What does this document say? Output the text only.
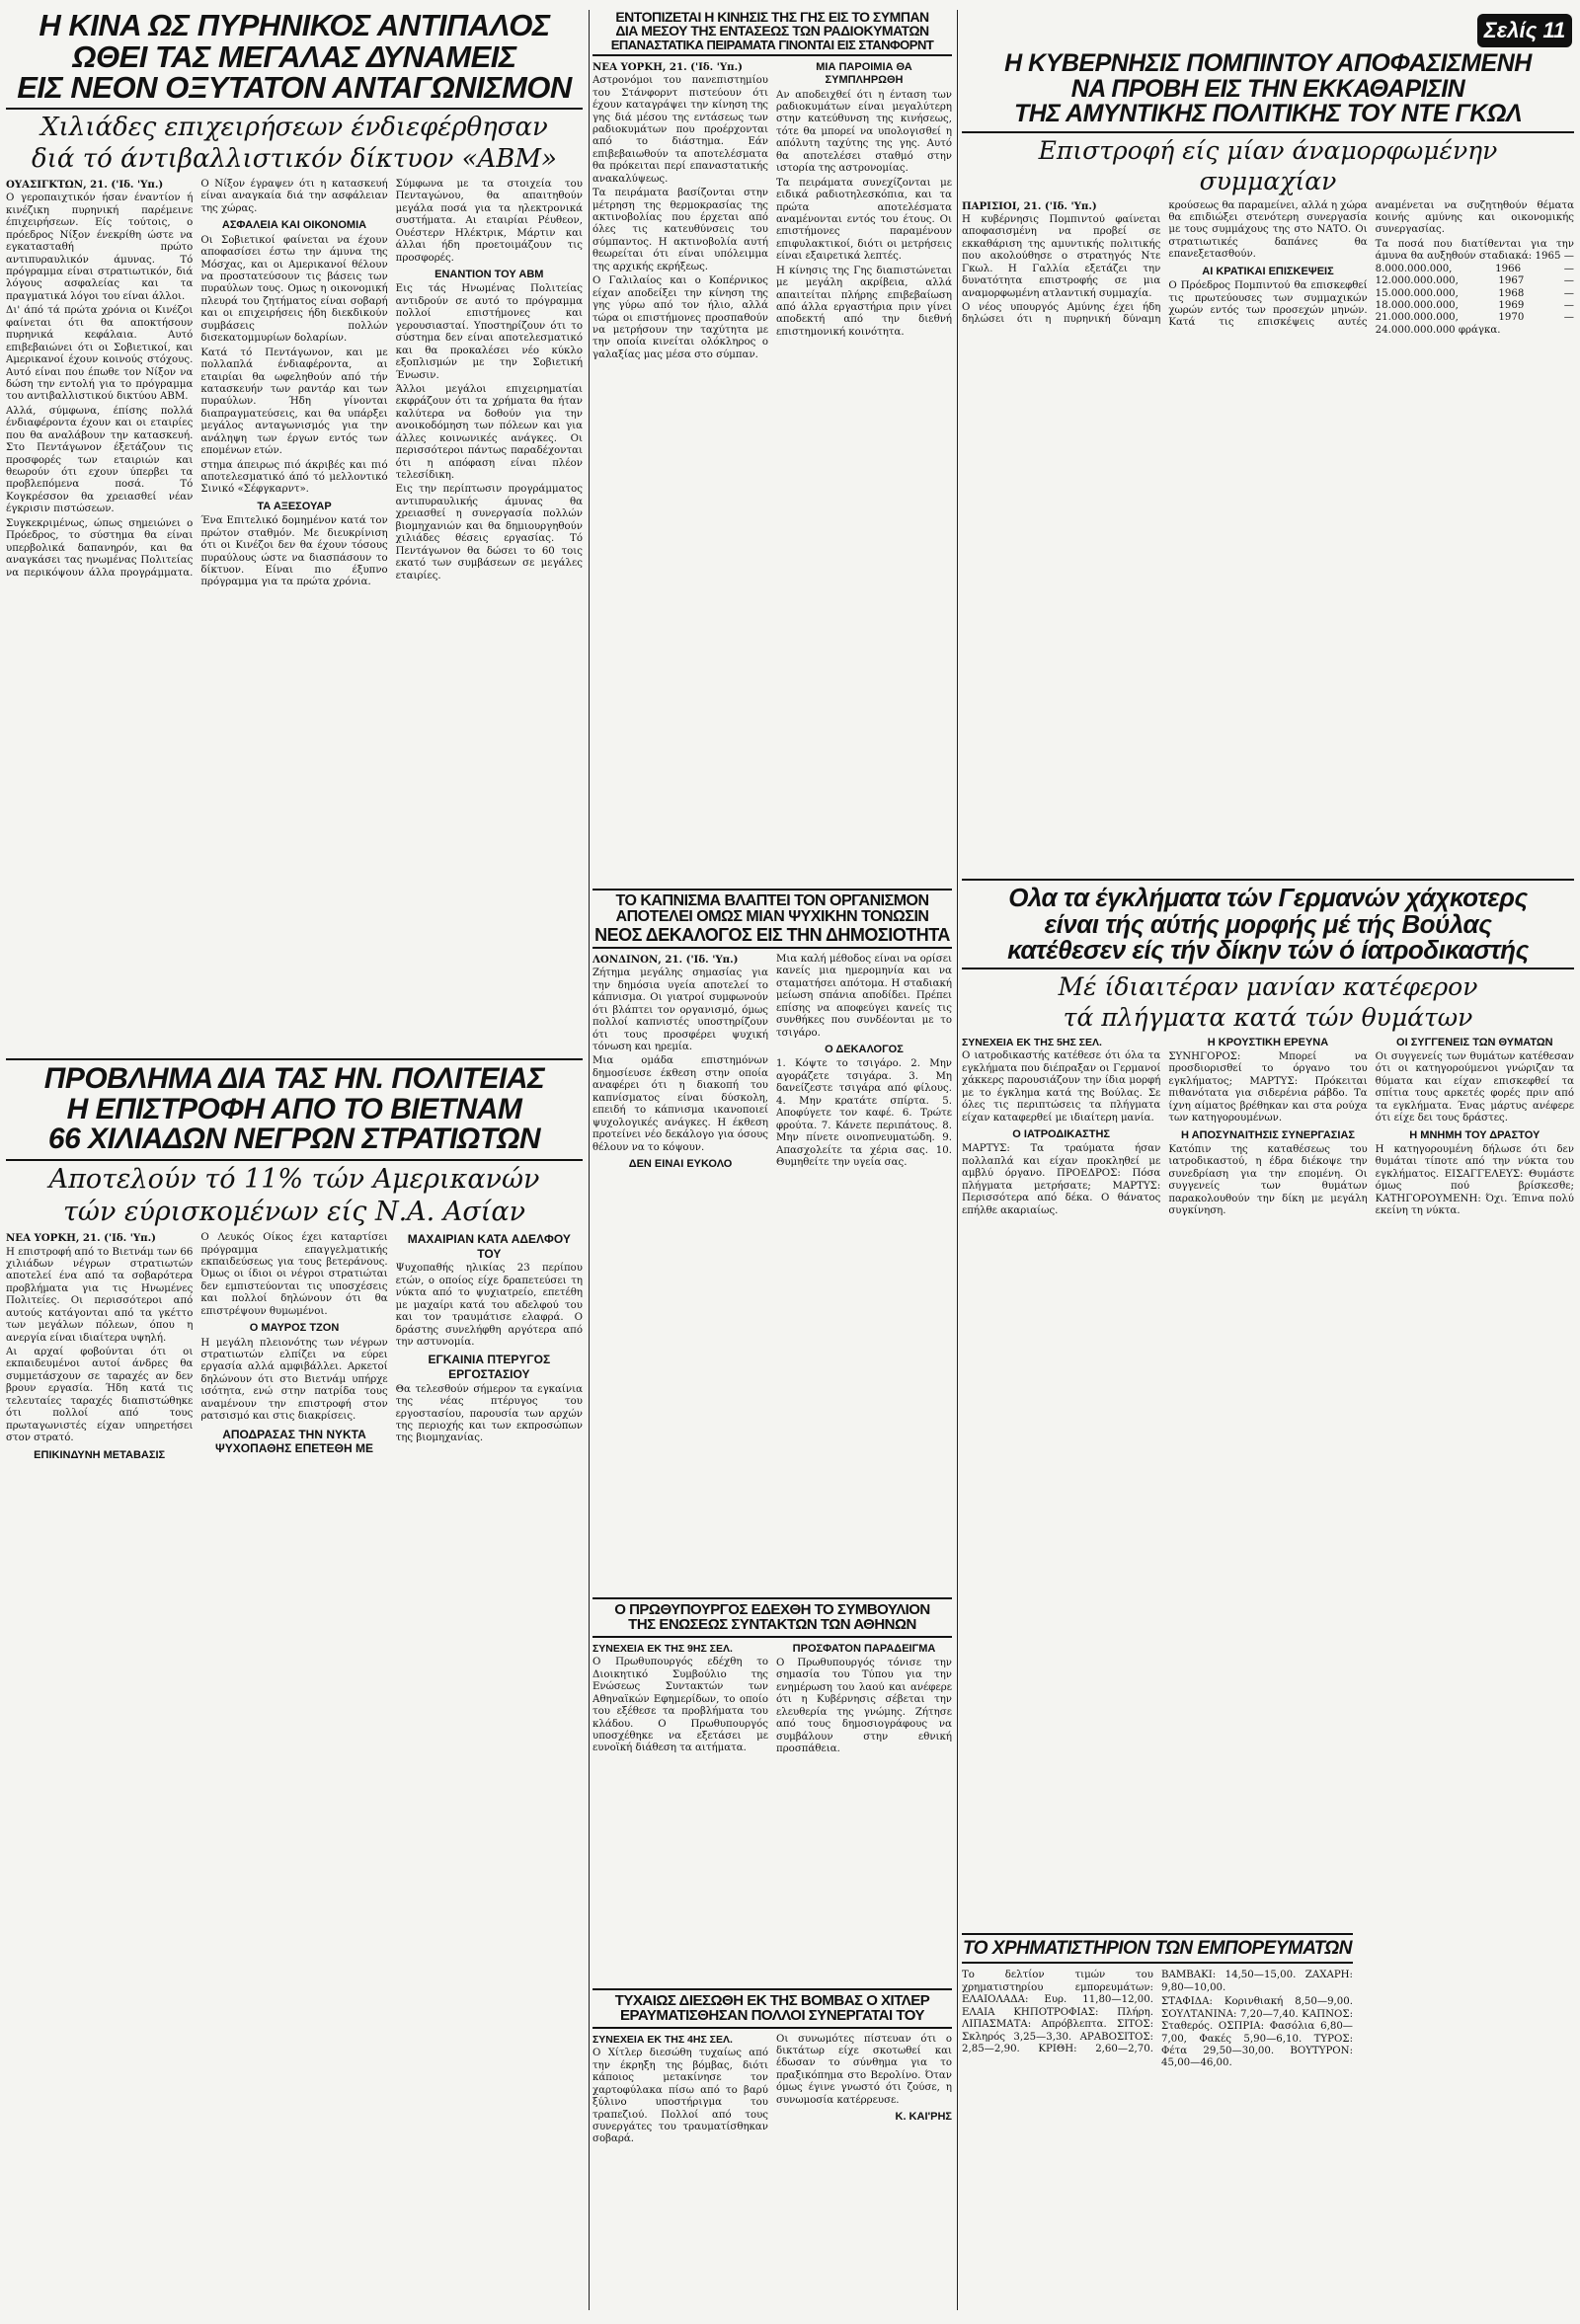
Σελίς 11
Η ΚΙΝΑ ΩΣ ΠΥΡΗΝΙΚΟΣ ΑΝΤΙΠΑΛΟΣ
ΩΘΕΙ ΤΑΣ ΜΕΓΑΛΑΣ ΔΥΝΑΜΕΙΣ
ΕΙΣ ΝΕΟΝ ΟΞΥΤΑΤΟΝ ΑΝΤΑΓΩΝΙΣΜΟΝ
Χιλιάδες επιχειρήσεων ένδιεφέρθησαν
διά τό άντιβαλλιστικόν δίκτυον «ΑΒΜ»

ΟΥΑΣΙΓΚΤΩΝ, 21. ('Ιδ. 'Υπ.)

Ο γεροπαιχτικόν ήσαν έναντίον ή κινέζικη πυρηνική παρέμεινε έπιχειρήσεων. Είς τούτοις, ο πρόεδρος Νίξον ένεκρίθη ώστε να εγκατασταθή πρώτο αντιπυραυλικόν άμυνας. Τό πρόγραμμα είναι στρατιωτικόν, διά λόγους ασφαλείας και τα πραγματικά λόγοι του είναι άλλοι.

Δι' άπό τά πρώτα χρόνια οι Κινέζοι φαίνεται ότι θα αποκτήσουν πυρηνικά κεφάλαια. Αυτό επιβεβαιώνει ότι οι Σοβιετικοί, και Αμερικανοί έχουν κοινούς στόχους. Αυτό είναι που έπωθε τον Νίξον να δώση την εντολή για το πρόγραμμα του αντιβαλλιστικού δικτύου ΑΒΜ.

Αλλά, σύμφωνα, έπίσης πολλά ένδιαφέροντα έχουν και οι εταιρίες που θα αναλάβουν την κατασκευή. Στο Πεντάγωνον έξετάζουν τις προσφορές των εταιριών και θεωρούν ότι εχουν ύπερβει τα προβλεπόμενα ποσά. Τό Κογκρέσσον θα χρειασθεί νέαν έγκρισιν πιστώσεων.

Συγκεκριμένως, ώπως σημειώνει ο Πρόεδρος, το σύστημα θα είναι υπερβολικά δαπανηρόν, και θα αναγκάσει τας ηνωμένας Πολιτείας να περικόψουν άλλα προγράμματα. Ο Νίξον έγραψεν ότι η κατασκευή είναι αναγκαία διά την ασφάλειαν της χώρας.

ΑΣΦΑΛΕΙΑ ΚΑΙ ΟΙΚΟΝΟΜΙΑ

Οι Σοβιετικοί φαίνεται να έχουν αποφασίσει έστω την άμυνα της Μόσχας, και οι Αμερικανοί θέλουν να προστατεύσουν τις βάσεις των πυραύλων τους. Ομως η οικονομική πλευρά του ζητήματος είναι σοβαρή και οι επιχειρήσεις ήδη διεκδικούν συμβάσεις πολλών δισεκατομμυρίων δολαρίων.

Κατά τό Πεντάγωνον, και με πολλαπλά ένδιαφέροντα, αι εταιρίαι θα ωφεληθούν από τήν κατασκευήν των ραντάρ και των πυραύλων. Ήδη γίνονται διαπραγματεύσεις, και θα υπάρξει μεγάλος ανταγωνισμός για την ανάληψη των έργων εντός των επομένων ετών.

στημα άπειρως πιό άκριβές και πιό αποτελεσματικό άπό τό μελλοντικό Σινικό «Σέφγκαρντ».

ΤΑ ΑΞΕΣΟΥΑΡ

Ένα Επιτελικό δομημένον κατά τον πρώτον σταθμόν. Με διευκρίνιση ότι οι Κινέζοι δεν θα έχουν τόσους πυραύλους ώστε να διασπάσουν το δίκτυον. Είναι πιο έξυπνο πρόγραμμα για τα πρώτα χρόνια.

Σύμφωνα με τα στοιχεία του Πενταγώνου, θα απαιτηθούν μεγάλα ποσά για τα ηλεκτρονικά συστήματα. Αι εταιρίαι Ρέυθεον, Ουέστερν Ηλέκτρικ, Μάρτιν και άλλαι ήδη προετοιμάζουν τις προσφορές.

ΕΝΑΝΤΙΟΝ ΤΟΥ ΑΒΜ

Εις τάς Ηνωμένας Πολιτείας αντιδρούν σε αυτό το πρόγραμμα πολλοί επιστήμονες και γερουσιασταί. Υποστηρίζουν ότι το σύστημα δεν είναι αποτελεσματικό και θα προκαλέσει νέο κύκλο εξοπλισμών με την Σοβιετική Ένωσιν.

Άλλοι μεγάλοι επιχειρηματίαι εκφράζουν ότι τα χρήματα θα ήταν καλύτερα να δοθούν για την ανοικοδόμηση των πόλεων και για άλλες κοινωνικές ανάγκες. Οι περισσότεροι πάντως παραδέχονται ότι η απόφαση είναι πλέον τελεσίδικη.

Εις την περίπτωσιν προγράμματος αντιπυραυλικής άμυνας θα χρειασθεί η συνεργασία πολλών βιομηχανιών και θα δημιουργηθούν χιλιάδες θέσεις εργασίας. Τό Πεντάγωνον θα δώσει το 60 τοις εκατό των συμβάσεων σε μεγάλες εταιρίες.

ΠΡΟΒΛΗΜΑ ΔΙΑ ΤΑΣ ΗΝ. ΠΟΛΙΤΕΙΑΣ
Η ΕΠΙΣΤΡΟΦΗ ΑΠΟ ΤΟ ΒΙΕΤΝΑΜ
66 ΧΙΛΙΑΔΩΝ ΝΕΓΡΩΝ ΣΤΡΑΤΙΩΤΩΝ
Αποτελούν τό 11% τών Αμερικανών
τών εύρισκομένων είς Ν.Α. Ασίαν

ΝΕΑ ΥΟΡΚΗ, 21. ('Ιδ. 'Υπ.)

Η επιστροφή από το Βιετνάμ των 66 χιλιάδων νέγρων στρατιωτών αποτελεί ένα από τα σοβαρότερα προβλήματα για τις Ηνωμένες Πολιτείες. Οι περισσότεροι από αυτούς κατάγονται από τα γκέττο των μεγάλων πόλεων, όπου η ανεργία είναι ιδιαίτερα υψηλή.

Αι αρχαί φοβούνται ότι οι εκπαιδευμένοι αυτοί άνδρες θα συμμετάσχουν σε ταραχές αν δεν βρουν εργασία. Ήδη κατά τις τελευταίες ταραχές διαπιστώθηκε ότι πολλοί από τους πρωταγωνιστές είχαν υπηρετήσει στον στρατό.

ΕΠΙΚΙΝΔΥΝΗ ΜΕΤΑΒΑΣΙΣ

Ο Λευκός Οίκος έχει καταρτίσει πρόγραμμα επαγγελματικής εκπαιδεύσεως για τους βετεράνους. Όμως οι ίδιοι οι νέγροι στρατιώται δεν εμπιστεύονται τις υποσχέσεις και πολλοί δηλώνουν ότι θα επιστρέψουν θυμωμένοι.

Ο ΜΑΥΡΟΣ ΤΖΟΝ

Η μεγάλη πλειονότης των νέγρων στρατιωτών ελπίζει να εύρει εργασία αλλά αμφιβάλλει. Αρκετοί δηλώνουν ότι στο Βιετνάμ υπήρχε ισότητα, ενώ στην πατρίδα τους αναμένουν την επιστροφή στον ρατσισμό και στις διακρίσεις.

ΑΠΟΔΡΑΣΑΣ ΤΗΝ ΝΥΚΤΑ ΨΥΧΟΠΑΘΗΣ ΕΠΕΤΕΘΗ ΜΕ ΜΑΧΑΙΡΙΑΝ ΚΑΤΑ ΑΔΕΛΦΟΥ ΤΟΥ

Ψυχοπαθής ηλικίας 23 περίπου ετών, ο οποίος είχε δραπετεύσει τη νύκτα από το ψυχιατρείο, επετέθη με μαχαίρι κατά του αδελφού του και τον τραυμάτισε ελαφρά. Ο δράστης συνελήφθη αργότερα από την αστυνομία.

ΕΓΚΑΙΝΙΑ ΠΤΕΡΥΓΟΣ ΕΡΓΟΣΤΑΣΙΟΥ

Θα τελεσθούν σήμερον τα εγκαίνια της νέας πτέρυγος του εργοστασίου, παρουσία των αρχών της περιοχής και των εκπροσώπων της βιομηχανίας.

ΕΝΤΟΠΙΖΕΤΑΙ Η ΚΙΝΗΣΙΣ ΤΗΣ ΓΗΣ ΕΙΣ ΤΟ ΣΥΜΠΑΝ
ΔΙΑ ΜΕΣΟΥ ΤΗΣ ΕΝΤΑΣΕΩΣ ΤΩΝ ΡΑΔΙΟΚΥΜΑΤΩΝ
ΕΠΑΝΑΣΤΑΤΙΚΑ ΠΕΙΡΑΜΑΤΑ ΓΙΝΟΝΤΑΙ ΕΙΣ ΣΤΑΝΦΟΡΝΤ

ΝΕΑ ΥΟΡΚΗ, 21. ('Ιδ. 'Υπ.)

Αστρονόμοι του πανεπιστημίου του Στάνφορντ πιστεύουν ότι έχουν καταγράψει την κίνηση της γης διά μέσου της εντάσεως των ραδιοκυμάτων που προέρχονται από το διάστημα. Εάν επιβεβαιωθούν τα αποτελέσματα θα πρόκειται περί επαναστατικής ανακαλύψεως.

Τα πειράματα βασίζονται στην μέτρηση της θερμοκρασίας της ακτινοβολίας που έρχεται από όλες τις κατευθύνσεις του σύμπαντος. Η ακτινοβολία αυτή θεωρείται ότι είναι υπόλειμμα της αρχικής εκρήξεως.

Ο Γαλιλαίος και ο Κοπέρνικος είχαν αποδείξει την κίνηση της γης γύρω από τον ήλιο, αλλά τώρα οι επιστήμονες προσπαθούν να μετρήσουν την ταχύτητα με την οποία κινείται ολόκληρος ο γαλαξίας μας μέσα στο σύμπαν.

ΜΙΑ ΠΑΡΟΙΜΙΑ ΘΑ ΣΥΜΠΛΗΡΩΘΗ

Αν αποδειχθεί ότι η ένταση των ραδιοκυμάτων είναι μεγαλύτερη στην κατεύθυνση της κινήσεως, τότε θα μπορεί να υπολογισθεί η απόλυτη ταχύτης της γης. Αυτό θα αποτελέσει σταθμό στην ιστορία της αστρονομίας.

Τα πειράματα συνεχίζονται με ειδικά ραδιοτηλεσκόπια, και τα πρώτα αποτελέσματα αναμένονται εντός του έτους. Οι επιστήμονες παραμένουν επιφυλακτικοί, διότι οι μετρήσεις είναι εξαιρετικά λεπτές.

Η κίνησις της Γης διαπιστώνεται με μεγάλη ακρίβεια, αλλά απαιτείται πλήρης επιβεβαίωση από άλλα εργαστήρια πριν γίνει αποδεκτή από την διεθνή επιστημονική κοινότητα.

ΤΟ ΚΑΠΝΙΣΜΑ ΒΛΑΠΤΕΙ ΤΟΝ ΟΡΓΑΝΙΣΜΟΝ
ΑΠΟΤΕΛΕΙ ΟΜΩΣ ΜΙΑΝ ΨΥΧΙΚΗΝ ΤΟΝΩΣΙΝ
ΝΕΟΣ ΔΕΚΑΛΟΓΟΣ ΕΙΣ ΤΗΝ ΔΗΜΟΣΙΟΤΗΤΑ

ΛΟΝΔΙΝΟΝ, 21. ('Ιδ. 'Υπ.)

Ζήτημα μεγάλης σημασίας για την δημόσια υγεία αποτελεί το κάπνισμα. Οι γιατροί συμφωνούν ότι βλάπτει τον οργανισμό, όμως πολλοί καπνιστές υποστηρίζουν ότι τους προσφέρει ψυχική τόνωση και ηρεμία.

Μια ομάδα επιστημόνων δημοσίευσε έκθεση στην οποία αναφέρει ότι η διακοπή του καπνίσματος είναι δύσκολη, επειδή το κάπνισμα ικανοποιεί ψυχολογικές ανάγκες. Η έκθεση προτείνει νέο δεκάλογο για όσους θέλουν να το κόψουν.

ΔΕΝ ΕΙΝΑΙ ΕΥΚΟΛΟ

Μια καλή μέθοδος είναι να ορίσει κανείς μια ημερομηνία και να σταματήσει απότομα. Η σταδιακή μείωση σπάνια αποδίδει. Πρέπει επίσης να αποφεύγει κανείς τις συνθήκες που συνδέονται με το τσιγάρο.

Ο ΔΕΚΑΛΟΓΟΣ

1. Κόψτε το τσιγάρο. 2. Μην αγοράζετε τσιγάρα. 3. Μη δανείζεστε τσιγάρα από φίλους. 4. Μην κρατάτε σπίρτα. 5. Αποφύγετε τον καφέ. 6. Τρώτε φρούτα. 7. Κάνετε περιπάτους. 8. Μην πίνετε οινοπνευματώδη. 9. Απασχολείτε τα χέρια σας. 10. Θυμηθείτε την υγεία σας.

Ο ΠΡΩΘΥΠΟΥΡΓΟΣ ΕΔΕΧΘΗ ΤΟ ΣΥΜΒΟΥΛΙΟΝ
ΤΗΣ ΕΝΩΣΕΩΣ ΣΥΝΤΑΚΤΩΝ ΤΩΝ ΑΘΗΝΩΝ

ΣΥΝΕΧΕΙΑ ΕΚ ΤΗΣ 9ΗΣ ΣΕΛ.

Ο Πρωθυπουργός εδέχθη το Διοικητικό Συμβούλιο της Ενώσεως Συντακτών των Αθηναϊκών Εφημερίδων, το οποίο του εξέθεσε τα προβλήματα του κλάδου. Ο Πρωθυπουργός υποσχέθηκε να εξετάσει με ευνοϊκή διάθεση τα αιτήματα.

ΠΡΟΣΦΑΤΟΝ ΠΑΡΑΔΕΙΓΜΑ

Ο Πρωθυπουργός τόνισε την σημασία του Τύπου για την ενημέρωση του λαού και ανέφερε ότι η Κυβέρνησις σέβεται την ελευθερία της γνώμης. Ζήτησε από τους δημοσιογράφους να συμβάλουν στην εθνική προσπάθεια.

ΤΥΧΑΙΩΣ ΔΙΕΣΩΘΗ ΕΚ ΤΗΣ ΒΟΜΒΑΣ Ο ΧΙΤΛΕΡ
ΕΡΑΥΜΑΤΙΣΘΗΣΑΝ ΠΟΛΛΟΙ ΣΥΝΕΡΓΑΤΑΙ ΤΟΥ

ΣΥΝΕΧΕΙΑ ΕΚ ΤΗΣ 4ΗΣ ΣΕΛ.

Ο Χίτλερ διεσώθη τυχαίως από την έκρηξη της βόμβας, διότι κάποιος μετακίνησε τον χαρτοφύλακα πίσω από το βαρύ ξύλινο υποστήριγμα του τραπεζιού. Πολλοί από τους συνεργάτες του τραυματίσθηκαν σοβαρά.

Οι συνωμότες πίστευαν ότι ο δικτάτωρ είχε σκοτωθεί και έδωσαν το σύνθημα για το πραξικόπημα στο Βερολίνο. Όταν όμως έγινε γνωστό ότι ζούσε, η συνωμοσία κατέρρευσε.

Κ. ΚΑΙ'ΡΗΣ
Η ΚΥΒΕΡΝΗΣΙΣ ΠΟΜΠΙΝΤΟΥ ΑΠΟΦΑΣΙΣΜΕΝΗ
ΝΑ ΠΡΟΒΗ ΕΙΣ ΤΗΝ ΕΚΚΑΘΑΡΙΣΙΝ
ΤΗΣ ΑΜΥΝΤΙΚΗΣ ΠΟΛΙΤΙΚΗΣ ΤΟΥ ΝΤΕ ΓΚΩΛ
Επιστροφή είς μίαν άναμορφωμένην
συμμαχίαν

ΠΑΡΙΣΙΟΙ, 21. ('Ιδ. 'Υπ.)

Η κυβέρνησις Πομπιντού φαίνεται αποφασισμένη να προβεί σε εκκαθάριση της αμυντικής πολιτικής που ακολούθησε ο στρατηγός Ντε Γκωλ. Η Γαλλία εξετάζει την δυνατότητα επιστροφής σε μια αναμορφωμένη ατλαντική συμμαχία.

Ο νέος υπουργός Αμύνης έχει ήδη δηλώσει ότι η πυρηνική δύναμη κρούσεως θα παραμείνει, αλλά η χώρα θα επιδιώξει στενότερη συνεργασία με τους συμμάχους της στο ΝΑΤΟ. Οι στρατιωτικές δαπάνες θα επανεξετασθούν.

ΑΙ ΚΡΑΤΙΚΑΙ ΕΠΙΣΚΕΨΕΙΣ

Ο Πρόεδρος Πομπιντού θα επισκεφθεί τις πρωτεύουσες των συμμαχικών χωρών εντός των προσεχών μηνών. Κατά τις επισκέψεις αυτές αναμένεται να συζητηθούν θέματα κοινής αμύνης και οικονομικής συνεργασίας.

Τα ποσά που διατίθενται για την άμυνα θα αυξηθούν σταδιακά: 1965 — 8.000.000.000, 1966 — 12.000.000.000, 1967 — 15.000.000.000, 1968 — 18.000.000.000, 1969 — 21.000.000.000, 1970 — 24.000.000.000 φράγκα.

Ολα τα έγκλήματα τών Γερμανών χάχκοτερς
είναι τής αύτής μορφής μέ τής Βούλας
κατέθεσεν είς τήν δίκην τών ό ίατροδικαστής
Μέ ίδιαιτέραν μανίαν κατέφερον
τά πλήγματα κατά τών θυμάτων

ΣΥΝΕΧΕΙΑ ΕΚ ΤΗΣ 5ΗΣ ΣΕΛ.

Ο ιατροδικαστής κατέθεσε ότι όλα τα εγκλήματα που διέπραξαν οι Γερμανοί χάκκερς παρουσιάζουν την ίδια μορφή με το έγκλημα κατά της Βούλας. Σε όλες τις περιπτώσεις τα πλήγματα είχαν καταφερθεί με ιδιαίτερη μανία.

Ο ΙΑΤΡΟΔΙΚΑΣΤΗΣ

ΜΑΡΤΥΣ: Τα τραύματα ήσαν πολλαπλά και είχαν προκληθεί με αμβλύ όργανο. ΠΡΟΕΔΡΟΣ: Πόσα πλήγματα μετρήσατε; ΜΑΡΤΥΣ: Περισσότερα από δέκα. Ο θάνατος επήλθε ακαριαίως.

Η ΚΡΟΥΣΤΙΚΗ ΕΡΕΥΝΑ

ΣΥΝΗΓΟΡΟΣ: Μπορεί να προσδιορισθεί το όργανο του εγκλήματος; ΜΑΡΤΥΣ: Πρόκειται πιθανότατα για σιδερένια ράβδο. Τα ίχνη αίματος βρέθηκαν και στα ρούχα των κατηγορουμένων.

Η ΑΠΟΣΥΝΑΙΤΗΣΙΣ ΣΥΝΕΡΓΑΣΙΑΣ

Κατόπιν της καταθέσεως του ιατροδικαστού, η έδρα διέκοψε την συνεδρίαση για την επομένη. Οι συγγενείς των θυμάτων παρακολουθούν την δίκη με μεγάλη συγκίνηση.

ΟΙ ΣΥΓΓΕΝΕΙΣ ΤΩΝ ΘΥΜΑΤΩΝ

Οι συγγενείς των θυμάτων κατέθεσαν ότι οι κατηγορούμενοι γνώριζαν τα θύματα και είχαν επισκεφθεί τα σπίτια τους αρκετές φορές πριν από τα εγκλήματα. Ένας μάρτυς ανέφερε ότι είχε δει τους δράστες.

Η ΜΝΗΜΗ ΤΟΥ ΔΡΑΣΤΟΥ

Η κατηγορουμένη δήλωσε ότι δεν θυμάται τίποτε από την νύκτα του εγκλήματος. ΕΙΣΑΓΓΕΛΕΥΣ: Θυμάστε όμως πού βρίσκεσθε; ΚΑΤΗΓΟΡΟΥΜΕΝΗ: Όχι. Έπινα πολύ εκείνη τη νύκτα.

ΤΟ ΧΡΗΜΑΤΙΣΤΗΡΙΟΝ ΤΩΝ ΕΜΠΟΡΕΥΜΑΤΩΝ

Το δελτίον τιμών του χρηματιστηρίου εμπορευμάτων: ΕΛΑΙΟΛΑΔΑ: Ευρ. 11,80—12,00. ΕΛΑΙΑ ΚΗΠΟΤΡΟΦΙΑΣ: Πλήρη. ΛΙΠΑΣΜΑΤΑ: Απρόβλεπτα. ΣΙΤΟΣ: Σκληρός 3,25—3,30. ΑΡΑΒΟΣΙΤΟΣ: 2,85—2,90. ΚΡΙΘΗ: 2,60—2,70. ΒΑΜΒΑΚΙ: 14,50—15,00. ΖΑΧΑΡΗ: 9,80—10,00.

ΣΤΑΦΙΔΑ: Κορινθιακή 8,50—9,00. ΣΟΥΛΤΑΝΙΝΑ: 7,20—7,40. ΚΑΠΝΟΣ: Σταθερός. ΟΣΠΡΙΑ: Φασόλια 6,80—7,00, Φακές 5,90—6,10. ΤΥΡΟΣ: Φέτα 29,50—30,00. ΒΟΥΤΥΡΟΝ: 45,00—46,00.
